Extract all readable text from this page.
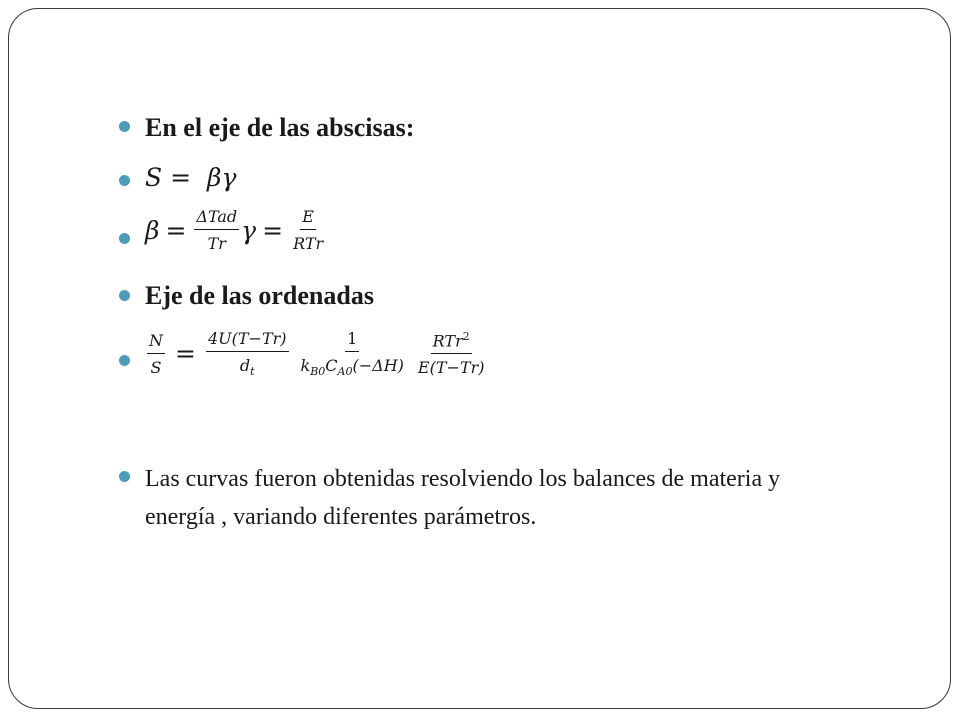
En el eje de las abscisas:
S = βγ
$\beta = \frac{\text{ΔTad}}{Tr}$ $\gamma = \frac{E}{\text{RTr}}$
Eje de las ordenadas
$\frac{N}{S} = \frac{4U(T-Tr)}{d_t} \frac{1}{k_{B0}C_{A0}(-\Delta H)} \frac{RTr^2}{E(T-Tr)}$
Las curvas fueron obtenidas resolviendo los balances de materia y energía , variando diferentes parámetros.
